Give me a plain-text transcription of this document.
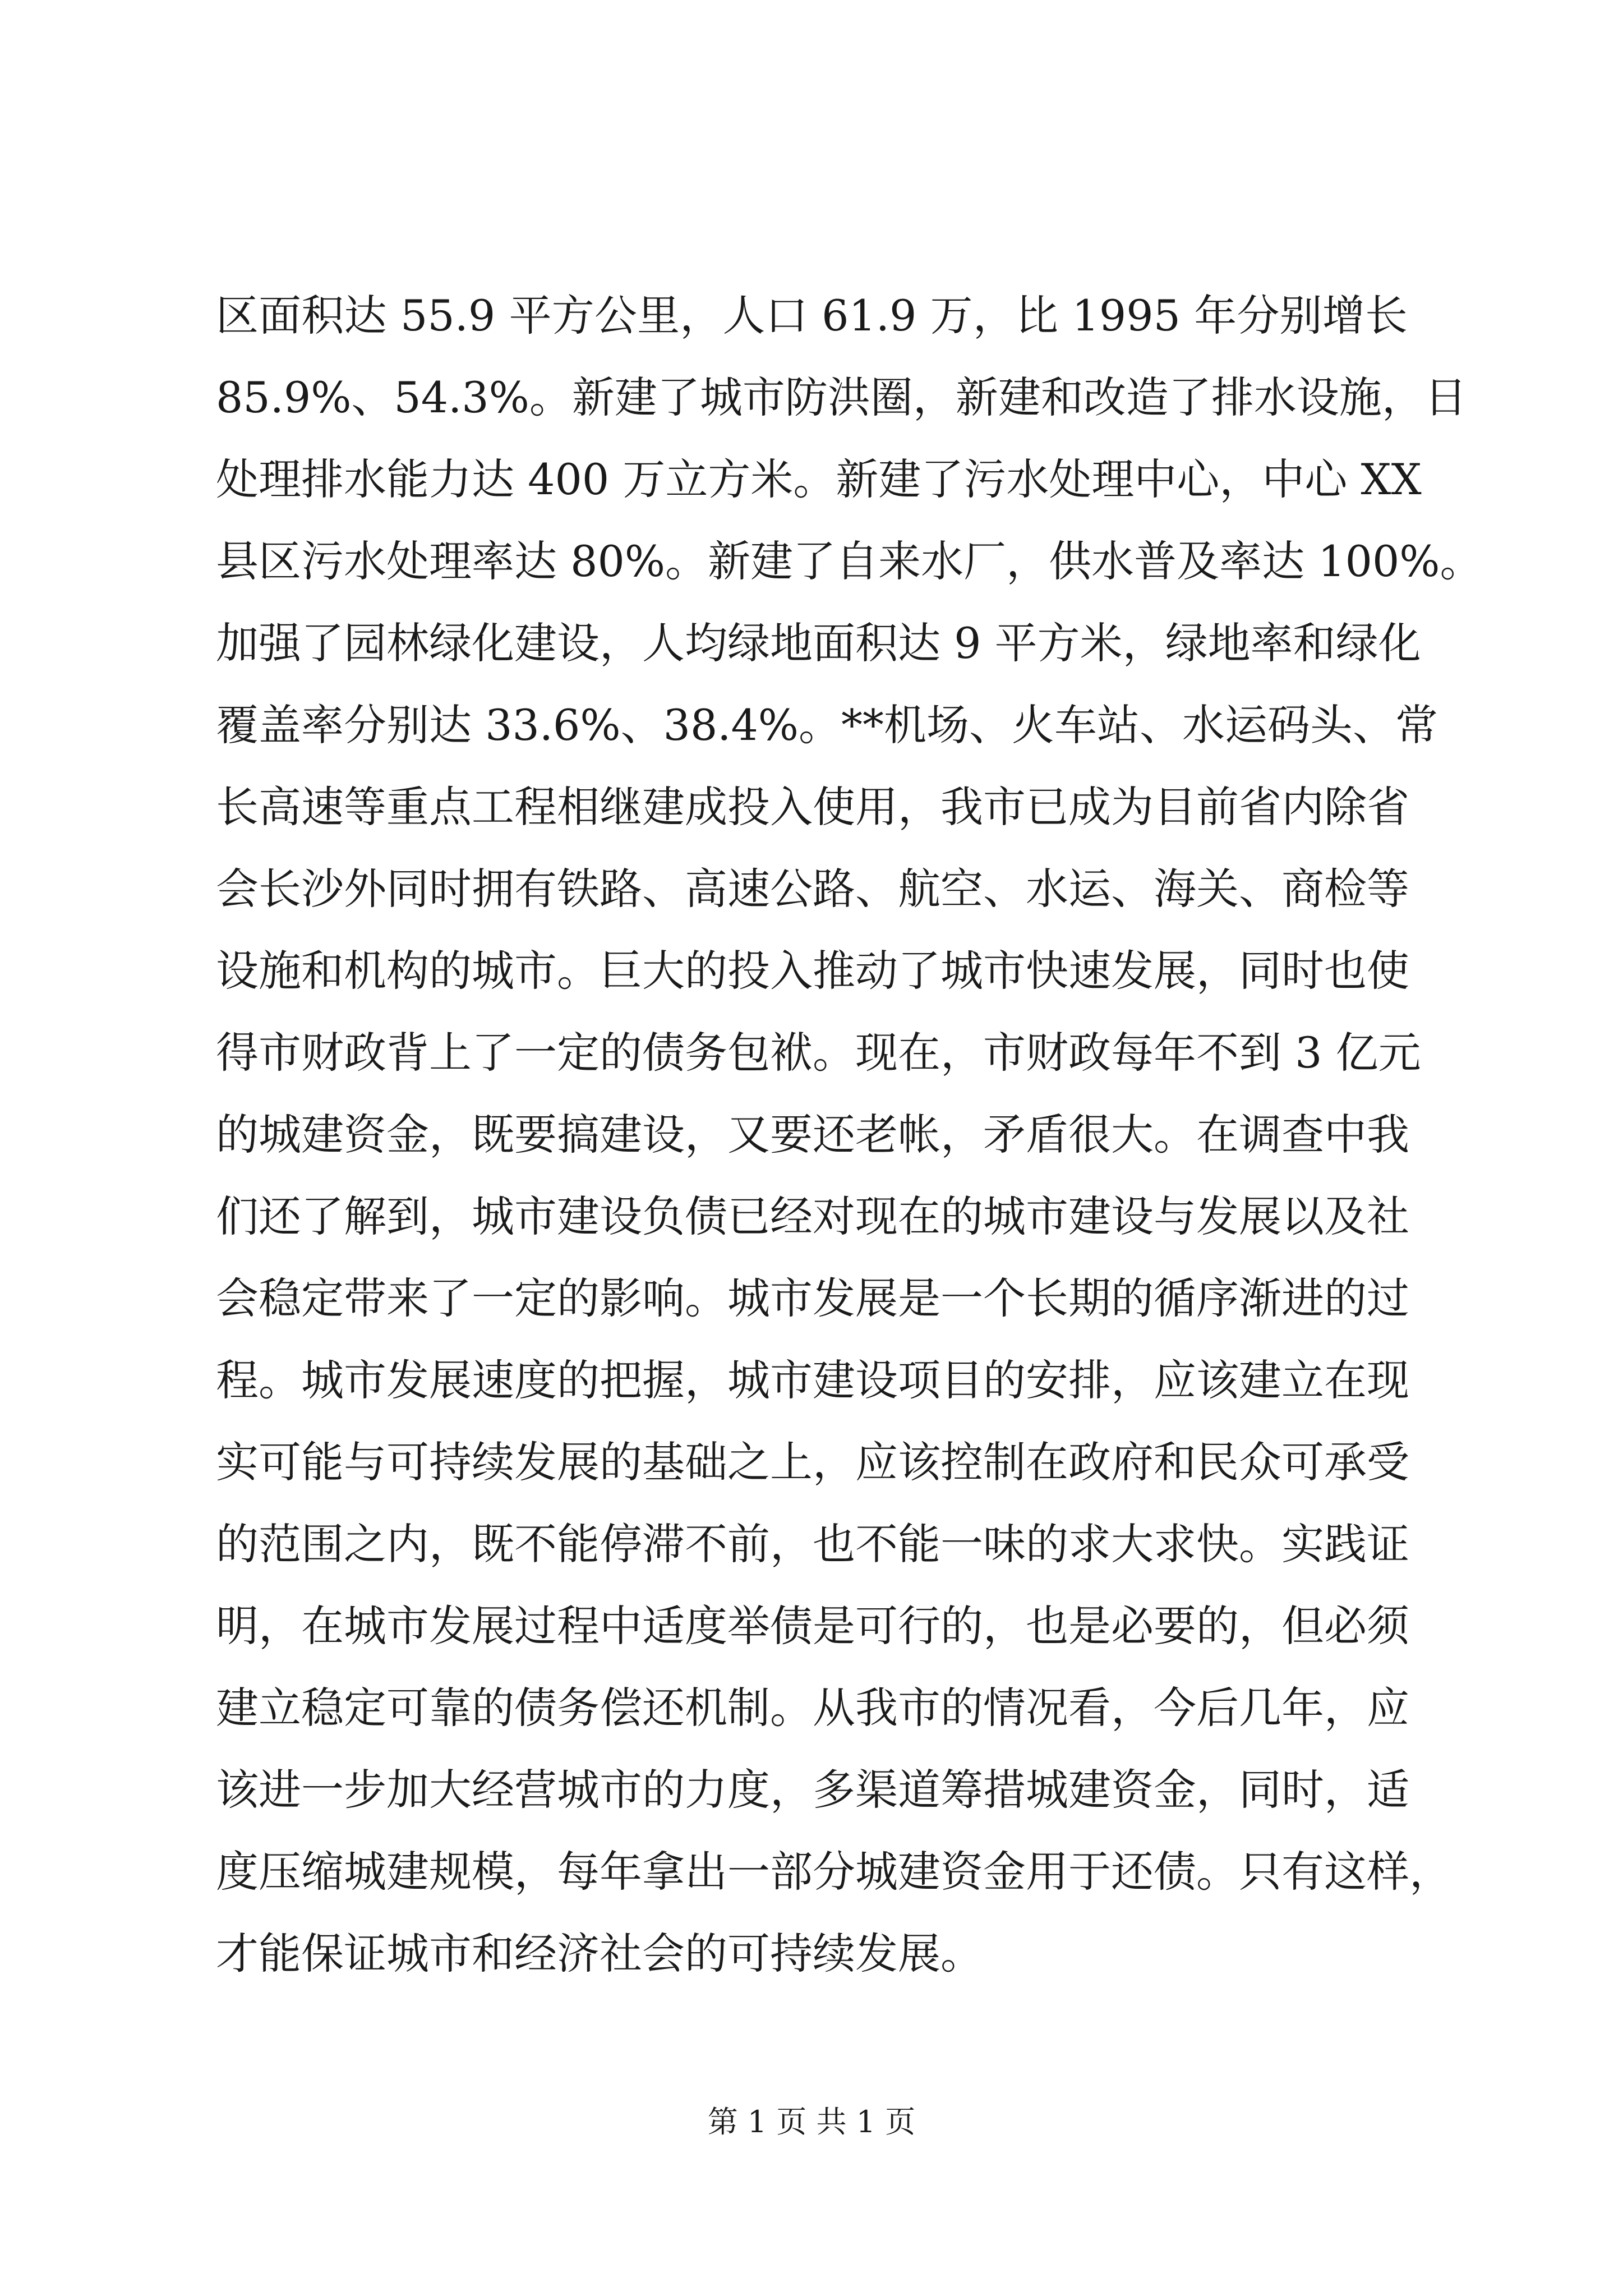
区面积达 55.9 平方公里，人口 61.9 万，比 1995 年分别增长
85.9%、54.3%。新建了城市防洪圈，新建和改造了排水设施，日
处理排水能力达 400 万立方米。新建了污水处理中心，中心 XX
县区污水处理率达 80%。新建了自来水厂，供水普及率达 100%。
加强了园林绿化建设，人均绿地面积达 9 平方米，绿地率和绿化
覆盖率分别达 33.6%、38.4%。**机场、火车站、水运码头、常
长高速等重点工程相继建成投入使用，我市已成为目前省内除省
会长沙外同时拥有铁路、高速公路、航空、水运、海关、商检等
设施和机构的城市。巨大的投入推动了城市快速发展，同时也使
得市财政背上了一定的债务包袱。现在，市财政每年不到 3 亿元
的城建资金，既要搞建设，又要还老帐，矛盾很大。在调查中我
们还了解到，城市建设负债已经对现在的城市建设与发展以及社
会稳定带来了一定的影响。城市发展是一个长期的循序渐进的过
程。城市发展速度的把握，城市建设项目的安排，应该建立在现
实可能与可持续发展的基础之上，应该控制在政府和民众可承受
的范围之内，既不能停滞不前，也不能一味的求大求快。实践证
明，在城市发展过程中适度举债是可行的，也是必要的，但必须
建立稳定可靠的债务偿还机制。从我市的情况看，今后几年，应
该进一步加大经营城市的力度，多渠道筹措城建资金，同时，适
度压缩城建规模，每年拿出一部分城建资金用于还债。只有这样，
才能保证城市和经济社会的可持续发展。
第 1 页 共 1 页
